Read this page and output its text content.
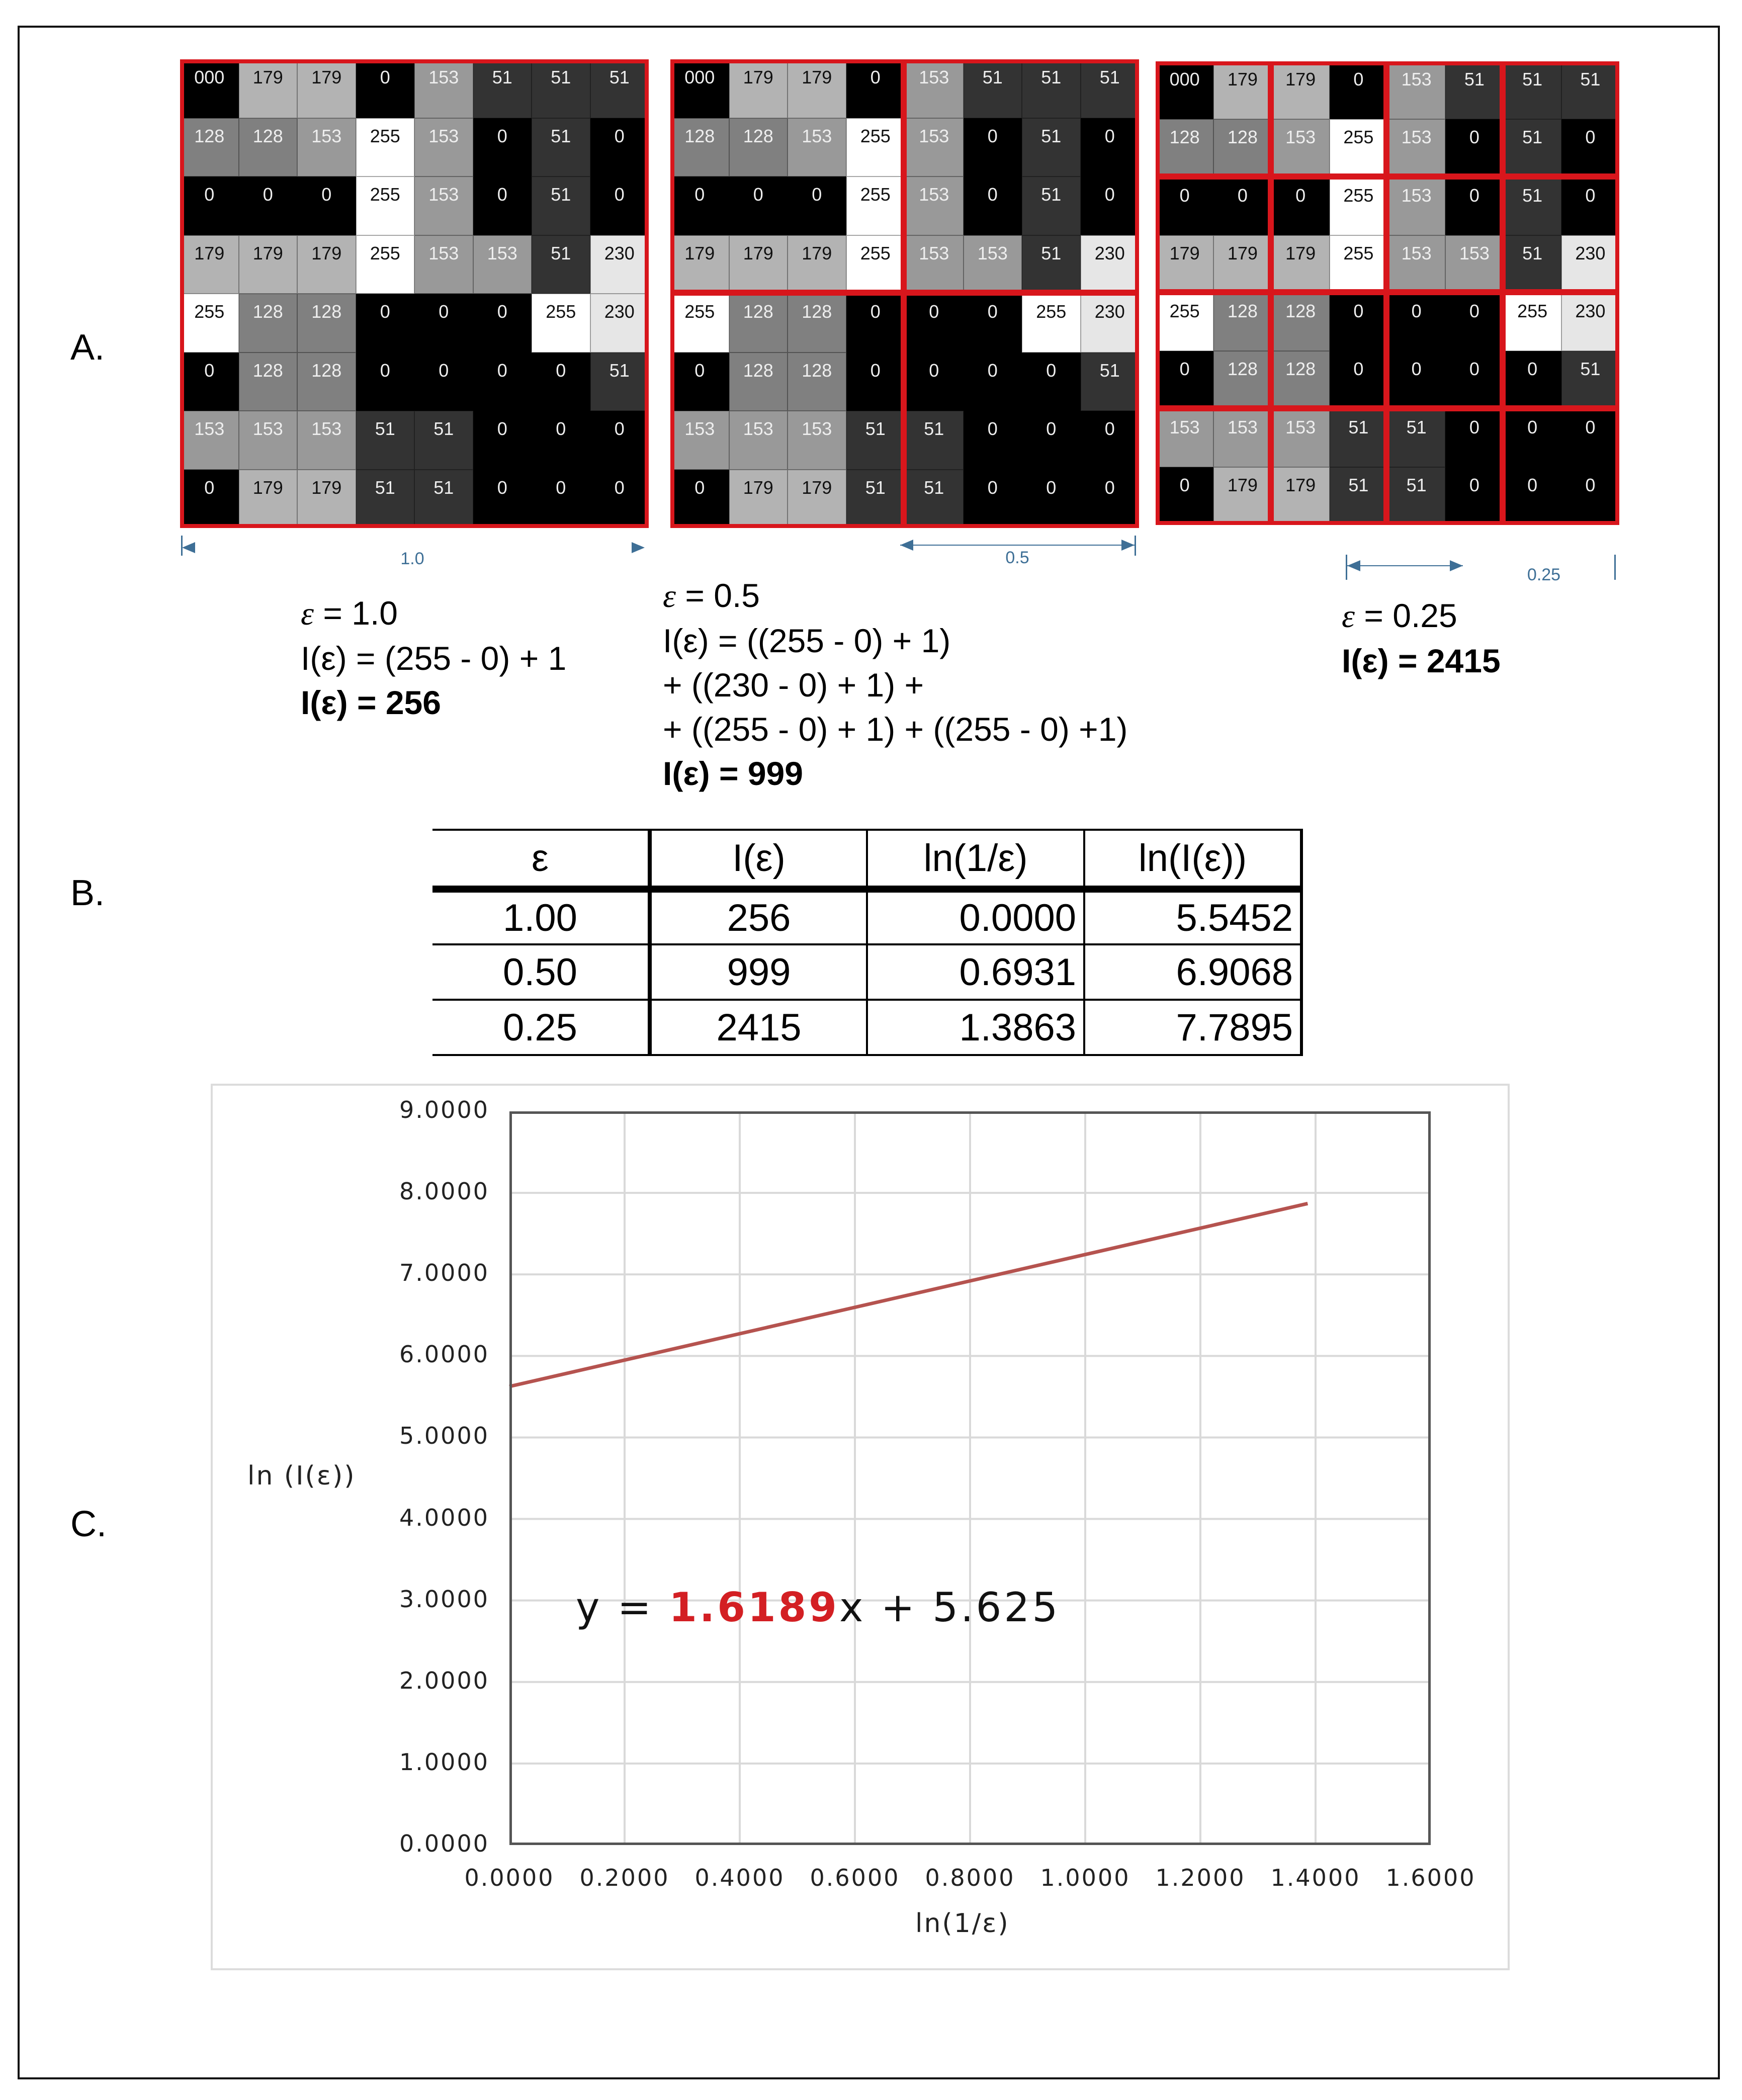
A.
B.
C.
000	179	179	0	153	51	51	51
128	128	153	255	153	0	51	0
0	0	0	255	153	0	51	0
179	179	179	255	153	153	51	230
255	128	128	0	0	0	255	230
0	128	128	0	0	0	0	51
153	153	153	51	51	0	0	0
0	179	179	51	51	0	0	0
000	179	179	0	153	51	51	51
128	128	153	255	153	0	51	0
0	0	0	255	153	0	51	0
179	179	179	255	153	153	51	230
255	128	128	0	0	0	255	230
0	128	128	0	0	0	0	51
153	153	153	51	51	0	0	0
0	179	179	51	51	0	0	0
000	179	179	0	153	51	51	51
128	128	153	255	153	0	51	0
0	0	0	255	153	0	51	0
179	179	179	255	153	153	51	230
255	128	128	0	0	0	255	230
0	128	128	0	0	0	0	51
153	153	153	51	51	0	0	0
0	179	179	51	51	0	0	0
1.0	0.5
0.25
ε = 1.0
I(ε) = (255 - 0) + 1
I(ε) = 256
ε = 0.5
I(ε) = ((255 - 0) + 1)
+ ((230 - 0) + 1) +
+ ((255 - 0) + 1) + ((255 - 0) +1)
I(ε) = 999
ε = 0.25
I(ε) = 2415
ε	I(ε)	ln(1/ε)	ln(I(ε))
1.00	256	0.0000	5.5452
0.50	999	0.6931	6.9068
0.25	2415	1.3863	7.7895
0.0000
1.0000
2.0000
3.0000
4.0000
5.0000
6.0000
7.0000
8.0000
9.0000
0.0000	0.2000	0.4000	0.6000	0.8000	1.0000	1.2000	1.4000	1.6000
ln (I(ε))
ln(1/ε)
y = 1.6189x + 5.625
